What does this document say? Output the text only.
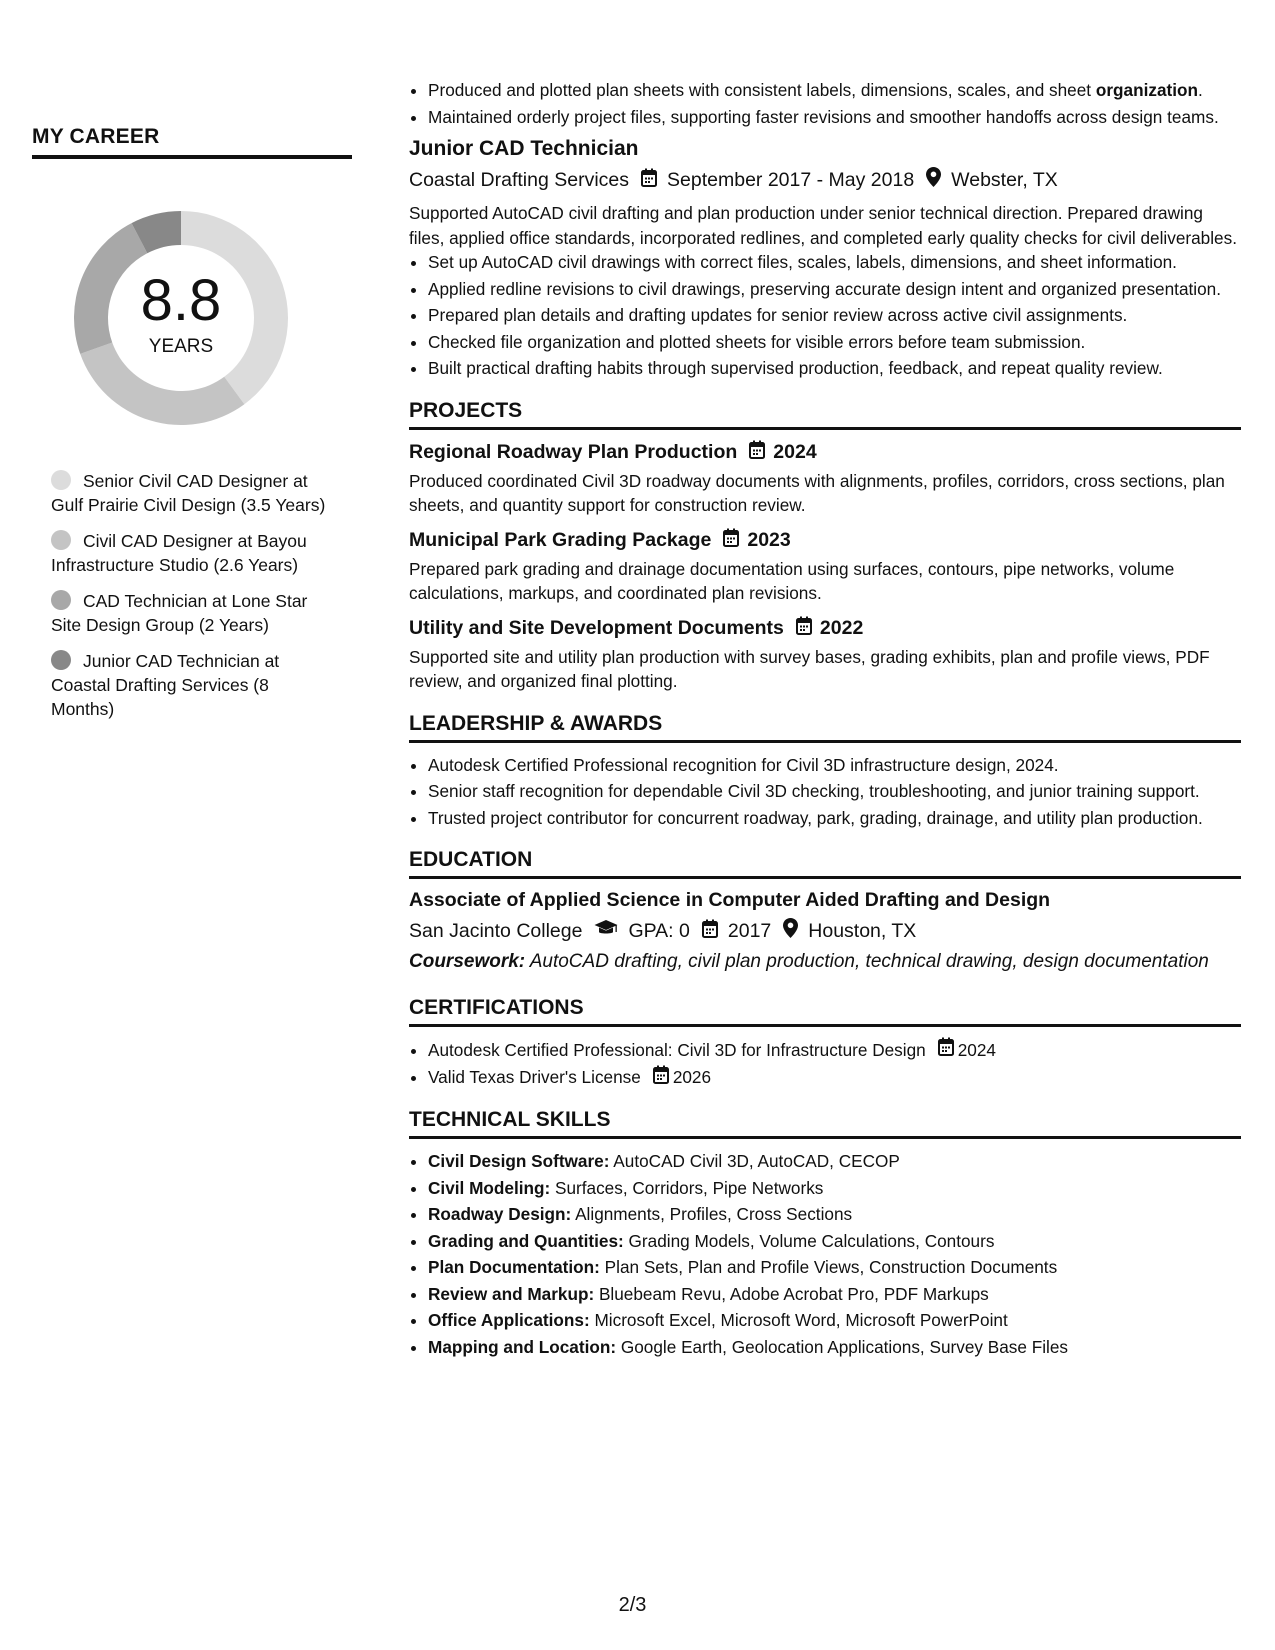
MY CAREER
8.8
YEARS
Senior Civil CAD Designer at Gulf Prairie Civil Design (3.5 Years)
Civil CAD Designer at Bayou Infrastructure Studio (2.6 Years)
CAD Technician at Lone Star Site Design Group (2 Years)
Junior CAD Technician at Coastal Drafting Services (8 Months)
• Produced and plotted plan sheets with consistent labels, dimensions, scales, and sheet organization.
• Maintained orderly project files, supporting faster revisions and smoother handoffs across design teams.
Junior CAD Technician
Coastal Drafting Services September 2017 - May 2018 Webster, TX
Supported AutoCAD civil drafting and plan production under senior technical direction. Prepared drawing files, applied office standards, incorporated redlines, and completed early quality checks for civil deliverables.
• Set up AutoCAD civil drawings with correct files, scales, labels, dimensions, and sheet information.
• Applied redline revisions to civil drawings, preserving accurate design intent and organized presentation.
• Prepared plan details and drafting updates for senior review across active civil assignments.
• Checked file organization and plotted sheets for visible errors before team submission.
• Built practical drafting habits through supervised production, feedback, and repeat quality review.
PROJECTS
Regional Roadway Plan Production 2024
Produced coordinated Civil 3D roadway documents with alignments, profiles, corridors, cross sections, plan sheets, and quantity support for construction review.
Municipal Park Grading Package 2023
Prepared park grading and drainage documentation using surfaces, contours, pipe networks, volume calculations, markups, and coordinated plan revisions.
Utility and Site Development Documents 2022
Supported site and utility plan production with survey bases, grading exhibits, plan and profile views, PDF review, and organized final plotting.
LEADERSHIP & AWARDS
• Autodesk Certified Professional recognition for Civil 3D infrastructure design, 2024.
• Senior staff recognition for dependable Civil 3D checking, troubleshooting, and junior training support.
• Trusted project contributor for concurrent roadway, park, grading, drainage, and utility plan production.
EDUCATION
Associate of Applied Science in Computer Aided Drafting and Design
San Jacinto College GPA: 0 2017 Houston, TX
Coursework: AutoCAD drafting, civil plan production, technical drawing, design documentation
CERTIFICATIONS
• Autodesk Certified Professional: Civil 3D for Infrastructure Design 2024
• Valid Texas Driver's License 2026
TECHNICAL SKILLS
• Civil Design Software: AutoCAD Civil 3D, AutoCAD, CECOP
• Civil Modeling: Surfaces, Corridors, Pipe Networks
• Roadway Design: Alignments, Profiles, Cross Sections
• Grading and Quantities: Grading Models, Volume Calculations, Contours
• Plan Documentation: Plan Sets, Plan and Profile Views, Construction Documents
• Review and Markup: Bluebeam Revu, Adobe Acrobat Pro, PDF Markups
• Office Applications: Microsoft Excel, Microsoft Word, Microsoft PowerPoint
• Mapping and Location: Google Earth, Geolocation Applications, Survey Base Files
2/3
